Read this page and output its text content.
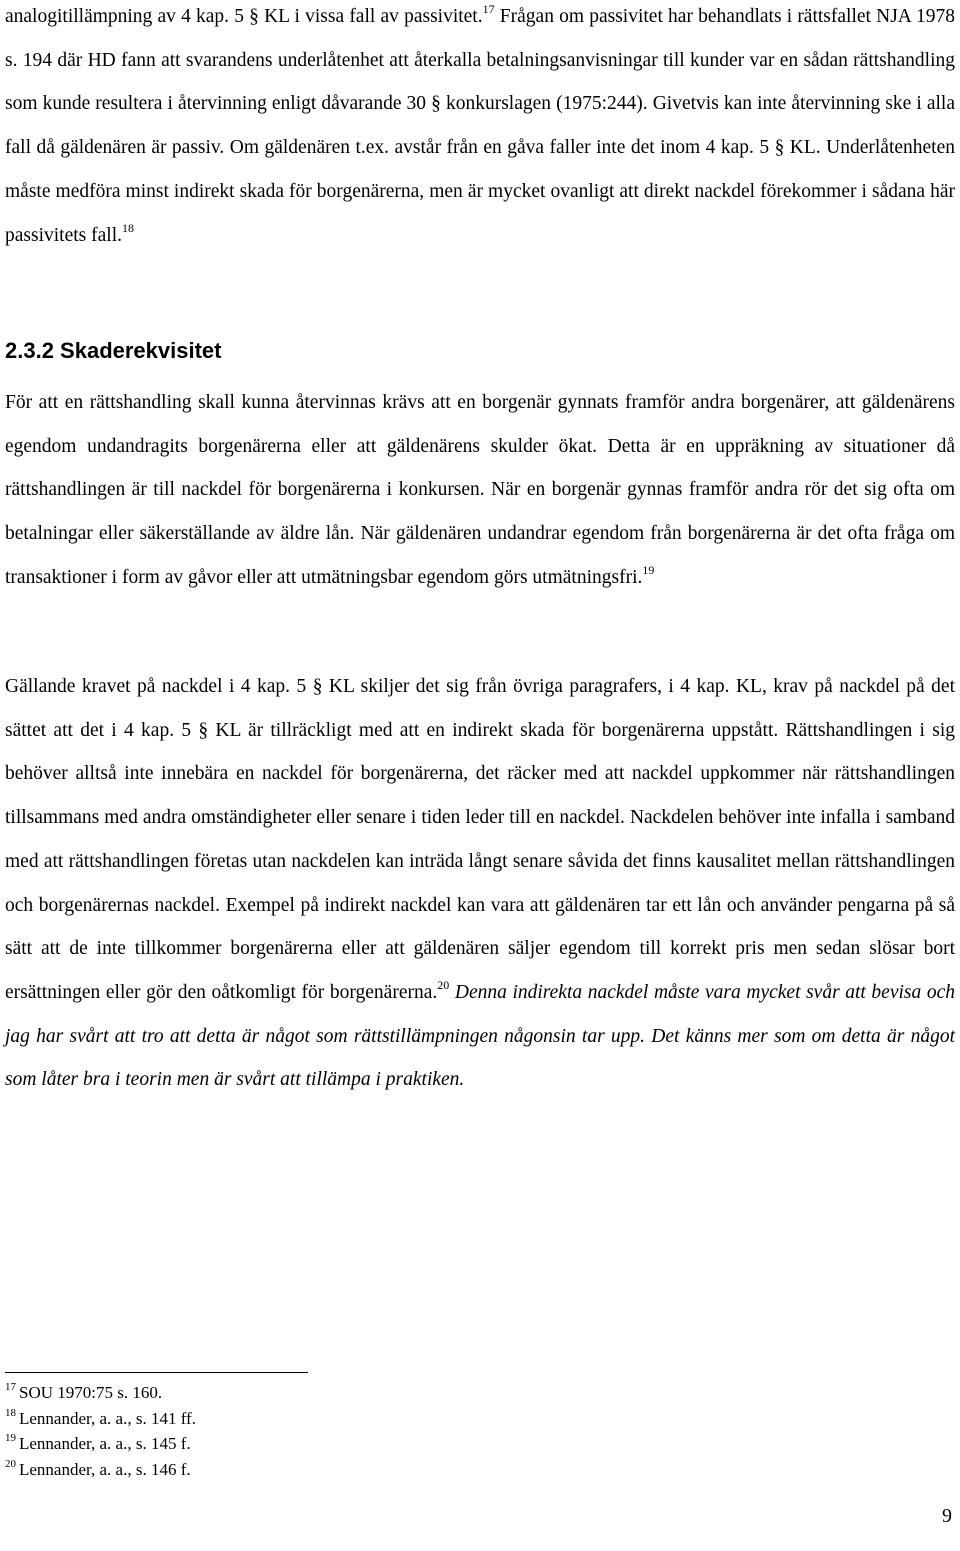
analogitillämpning av 4 kap. 5 § KL i vissa fall av passivitet.$^{17}$ Frågan om passivitet har behandlats i rättsfallet NJA 1978 s. 194 där HD fann att svarandens underlåtenhet att återkalla betalningsanvisningar till kunder var en sådan rättshandling som kunde resultera i återvinning enligt dåvarande 30 § konkurslagen (1975:244). Givetvis kan inte återvinning ske i alla fall då gäldenären är passiv. Om gäldenären t.ex. avstår från en gåva faller inte det inom 4 kap. 5 § KL. Underlåtenheten måste medföra minst indirekt skada för borgenärerna, men är mycket ovanligt att direkt nackdel förekommer i sådana här passivitets fall.$^{18}$

2.3.2 Skaderekvisitet

För att en rättshandling skall kunna återvinnas krävs att en borgenär gynnats framför andra borgenärer, att gäldenärens egendom undandragits borgenärerna eller att gäldenärens skulder ökat. Detta är en uppräkning av situationer då rättshandlingen är till nackdel för borgenärerna i konkursen. När en borgenär gynnas framför andra rör det sig ofta om betalningar eller säkerställande av äldre lån. När gäldenären undandrar egendom från borgenärerna är det ofta fråga om transaktioner i form av gåvor eller att utmätningsbar egendom görs utmätningsfri.$^{19}$

Gällande kravet på nackdel i 4 kap. 5 § KL skiljer det sig från övriga paragrafers, i 4 kap. KL, krav på nackdel på det sättet att det i 4 kap. 5 § KL är tillräckligt med att en indirekt skada för borgenärerna uppstått. Rättshandlingen i sig behöver alltså inte innebära en nackdel för borgenärerna, det räcker med att nackdel uppkommer när rättshandlingen tillsammans med andra omständigheter eller senare i tiden leder till en nackdel. Nackdelen behöver inte infalla i samband med att rättshandlingen företas utan nackdelen kan inträda långt senare såvida det finns kausalitet mellan rättshandlingen och borgenärernas nackdel. Exempel på indirekt nackdel kan vara att gäldenären tar ett lån och använder pengarna på så sätt att de inte tillkommer borgenärerna eller att gäldenären säljer egendom till korrekt pris men sedan slösar bort ersättningen eller gör den oåtkomligt för borgenärerna.$^{20}$ Denna indirekta nackdel måste vara mycket svår att bevisa och jag har svårt att tro att detta är något som rättstillämpningen någonsin tar upp. Det känns mer som om detta är något som låter bra i teorin men är svårt att tillämpa i praktiken.

$^{17}$ SOU 1970:75 s. 160.
$^{18}$ Lennander, a. a., s. 141 ff.
$^{19}$ Lennander, a. a., s. 145 f.
$^{20}$ Lennander, a. a., s. 146 f.
9
